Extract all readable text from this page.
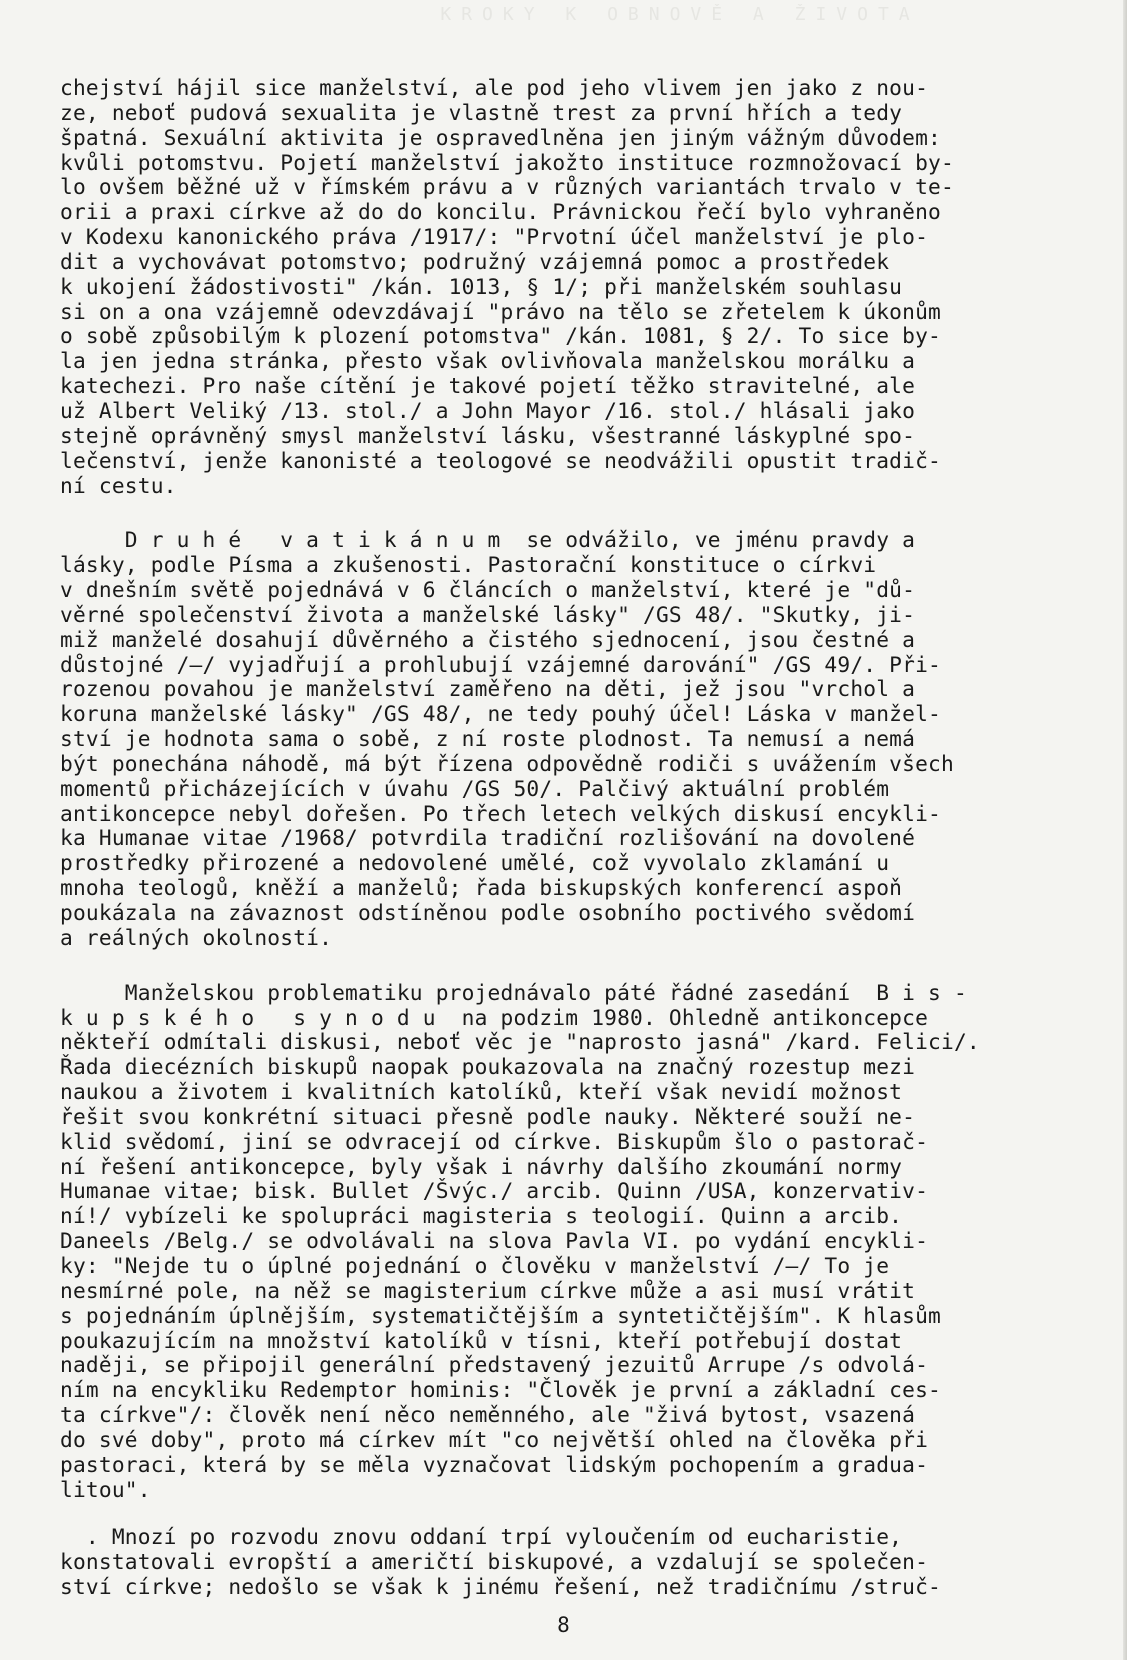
KROKY K OBNOVĚ A ŽIVOTA
chejství hájil sice manželství, ale pod jeho vlivem jen jako z nou-
ze, neboť pudová sexualita je vlastně trest za první hřích a tedy
špatná. Sexuální aktivita je ospravedlněna jen jiným vážným důvodem:
kvůli potomstvu. Pojetí manželství jakožto instituce rozmnožovací by-
lo ovšem běžné už v římském právu a v různých variantách trvalo v te-
orii a praxi církve až do do koncilu. Právnickou řečí bylo vyhraněno
v Kodexu kanonického práva /1917/: "Prvotní účel manželství je plo-
dit a vychovávat potomstvo; podružný vzájemná pomoc a prostředek
k ukojení žádostivosti" /kán. 1013, § 1/; při manželském souhlasu
si on a ona vzájemně odevzdávají "právo na tělo se zřetelem k úkonům
o sobě způsobilým k plození potomstva" /kán. 1081, § 2/. To sice by-
la jen jedna stránka, přesto však ovlivňovala manželskou morálku a
katechezi. Pro naše cítění je takové pojetí těžko stravitelné, ale
už Albert Veliký /13. stol./ a John Mayor /16. stol./ hlásali jako
stejně oprávněný smysl manželství lásku, všestranné láskyplné spo-
lečenství, jenže kanonisté a teologové se neodvážili opustit tradič-
ní cestu.
D r u h é   v a t i k á n u m  se odvážilo, ve jménu pravdy a
lásky, podle Písma a zkušenosti. Pastorační konstituce o církvi
v dnešním světě pojednává v 6 článcích o manželství, které je "dů-
věrné společenství života a manželské lásky" /GS 48/. "Skutky, ji-
miž manželé dosahují důvěrného a čistého sjednocení, jsou čestné a
důstojné /—/ vyjadřují a prohlubují vzájemné darování" /GS 49/. Při-
rozenou povahou je manželství zaměřeno na děti, jež jsou "vrchol a
koruna manželské lásky" /GS 48/, ne tedy pouhý účel! Láska v manžel-
ství je hodnota sama o sobě, z ní roste plodnost. Ta nemusí a nemá
být ponechána náhodě, má být řízena odpovědně rodiči s uvážením všech
momentů přicházejících v úvahu /GS 50/. Palčivý aktuální problém
antikoncepce nebyl dořešen. Po třech letech velkých diskusí encykli-
ka Humanae vitae /1968/ potvrdila tradiční rozlišování na dovolené
prostředky přirozené a nedovolené umělé, což vyvolalo zklamání u
mnoha teologů, kněží a manželů; řada biskupských konferencí aspoň
poukázala na závaznost odstíněnou podle osobního poctivého svědomí
a reálných okolností.
Manželskou problematiku projednávalo páté řádné zasedání  B i s -
k u p s k é h o   s y n o d u  na podzim 1980. Ohledně antikoncepce
někteří odmítali diskusi, neboť věc je "naprosto jasná" /kard. Felici/.
Řada diecézních biskupů naopak poukazovala na značný rozestup mezi
naukou a životem i kvalitních katolíků, kteří však nevidí možnost
řešit svou konkrétní situaci přesně podle nauky. Některé souží ne-
klid svědomí, jiní se odvracejí od církve. Biskupům šlo o pastorač-
ní řešení antikoncepce, byly však i návrhy dalšího zkoumání normy
Humanae vitae; bisk. Bullet /Švýc./ arcib. Quinn /USA, konzervativ-
ní!/ vybízeli ke spolupráci magisteria s teologií. Quinn a arcib.
Daneels /Belg./ se odvolávali na slova Pavla VI. po vydání encykli-
ky: "Nejde tu o úplné pojednání o člověku v manželství /—/ To je
nesmírné pole, na něž se magisterium církve může a asi musí vrátit
s pojednáním úplnějším, systematičtějším a syntetičtějším". K hlasům
poukazujícím na množství katolíků v tísni, kteří potřebují dostat
naději, se připojil generální představený jezuitů Arrupe /s odvolá-
ním na encykliku Redemptor hominis: "Člověk je první a základní ces-
ta církve"/: člověk není něco neměnného, ale "živá bytost, vsazená
do své doby", proto má církev mít "co největší ohled na člověka při
pastoraci, která by se měla vyznačovat lidským pochopením a gradua-
litou".
. Mnozí po rozvodu znovu oddaní trpí vyloučením od eucharistie,
konstatovali evropští a američtí biskupové, a vzdalují se společen-
ství církve; nedošlo se však k jinému řešení, než tradičnímu /struč-
8
